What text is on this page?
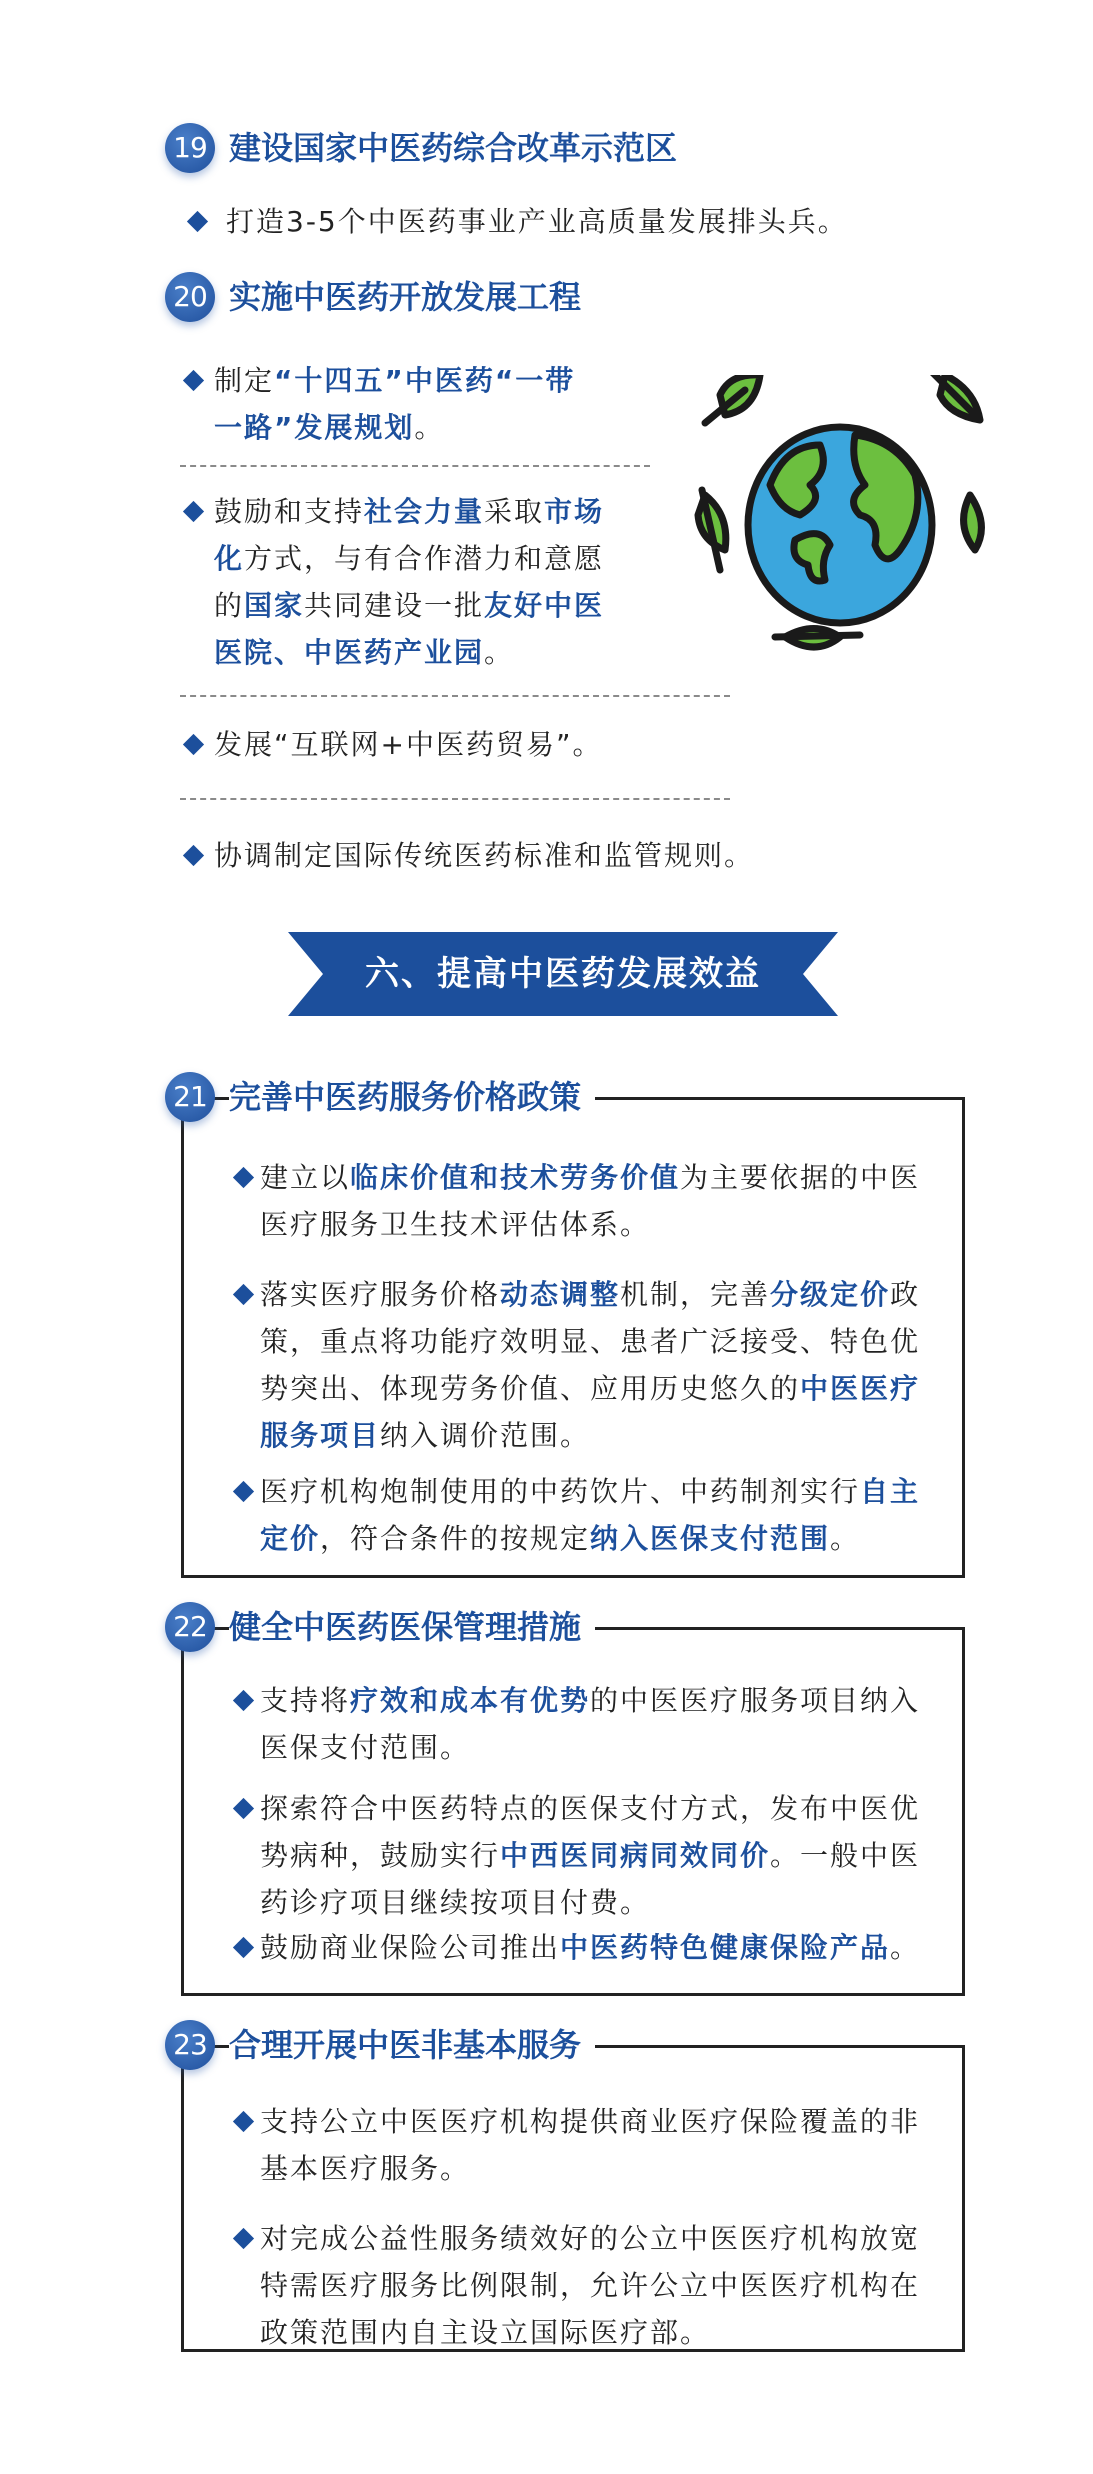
19 建设国家中医药综合改革示范区
打造3-5个中医药事业产业高质量发展排头兵。
20 实施中医药开放发展工程
制定“十四五”中医药“一带
一路”发展规划。
鼓励和支持社会力量采取市场
化方式，与有合作潜力和意愿
的国家共同建设一批友好中医
医院、中医药产业园。
发展“互联网+中医药贸易”。
协调制定国际传统医药标准和监管规则。
21 完善中医药服务价格政策
建立以临床价值和技术劳务价值为主要依据的中医
医疗服务卫生技术评估体系。
落实医疗服务价格动态调整机制，完善分级定价政
策，重点将功能疗效明显、患者广泛接受、特色优
势突出、体现劳务价值、应用历史悠久的中医医疗
服务项目纳入调价范围。
医疗机构炮制使用的中药饮片、中药制剂实行自主
定价，符合条件的按规定纳入医保支付范围。
22 健全中医药医保管理措施
支持将疗效和成本有优势的中医医疗服务项目纳入
医保支付范围。
探索符合中医药特点的医保支付方式，发布中医优
势病种，鼓励实行中西医同病同效同价。一般中医
药诊疗项目继续按项目付费。
鼓励商业保险公司推出中医药特色健康保险产品。
23 合理开展中医非基本服务
支持公立中医医疗机构提供商业医疗保险覆盖的非
基本医疗服务。
对完成公益性服务绩效好的公立中医医疗机构放宽
特需医疗服务比例限制，允许公立中医医疗机构在
政策范围内自主设立国际医疗部。
六、提高中医药发展效益
